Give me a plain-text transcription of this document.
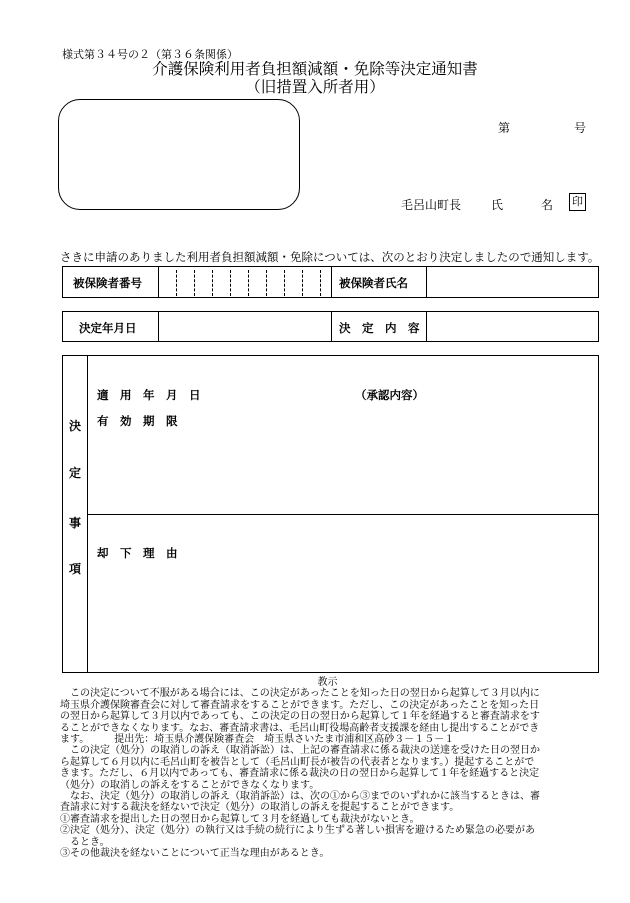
様式第３４号の２（第３６条関係）
介護保険利用者負担額減額・免除等決定通知書
（旧措置入所者用）
第	号
毛呂山町長 氏	名 印
さきに申請のありました利用者負担額減額・免除については、次のとおり決定しましたので通知します。
被保険者番号	被保険者氏名
決定年月日	決　定　内　容
決
定
事
項
適　用　年　月　日	（承認内容）
有　効　期　限
却　下　理　由
教示

　この決定について不服がある場合には、この決定があったことを知った日の翌日から起算して３月以内に

埼玉県介護保険審査会に対して審査請求をすることができます。ただし、この決定があったことを知った日

の翌日から起算して３月以内であっても、この決定の日の翌日から起算して１年を経過すると審査請求をす

ることができなくなります。なお、審査請求書は、毛呂山町役場高齢者支援課を経由し提出することができ

ます。　　　提出先：埼玉県介護保険審査会　埼玉県さいたま市浦和区高砂３－１５－１

　この決定（処分）の取消しの訴え（取消訴訟）は、上記の審査請求に係る裁決の送達を受けた日の翌日か

ら起算して６月以内に毛呂山町を被告として（毛呂山町長が被告の代表者となります。）提起することがで

きます。ただし、６月以内であっても、審査請求に係る裁決の日の翌日から起算して１年を経過すると決定

（処分）の取消しの訴えをすることができなくなります。

　なお、決定（処分）の取消しの訴え（取消訴訟）は、次の①から③までのいずれかに該当するときは、審

査請求に対する裁決を経ないで決定（処分）の取消しの訴えを提起することができます。

①審査請求を提出した日の翌日から起算して３月を経過しても裁決がないとき。

②決定（処分）、決定（処分）の執行又は手続の続行により生ずる著しい損害を避けるため緊急の必要があ

　るとき。

③その他裁決を経ないことについて正当な理由があるとき。
